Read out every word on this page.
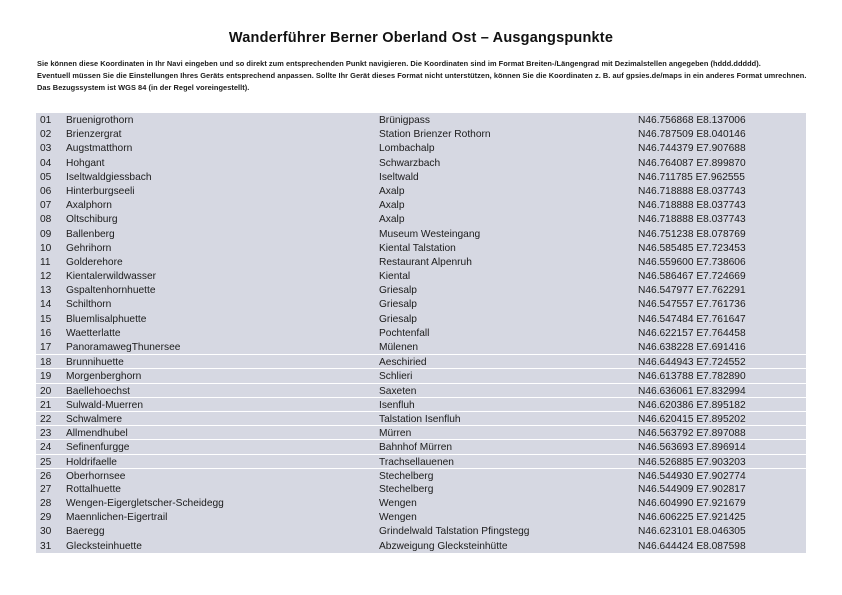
Wanderführer Berner Oberland Ost – Ausgangspunkte

Sie können diese Koordinaten in Ihr Navi eingeben und so direkt zum entsprechenden Punkt navigieren. Die Koordinaten sind im Format Breiten-/Längengrad mit Dezimalstellen angegeben (hddd.ddddd).

Eventuell müssen Sie die Einstellungen Ihres Geräts entsprechend anpassen. Sollte Ihr Gerät dieses Format nicht unterstützen, können Sie die Koordinaten z. B. auf gpsies.de/maps in ein anderes Format umrechnen. Das Bezugssystem ist WGS 84 (in der Regel voreingestellt).

01	Bruenigrothorn	Brünigpass	N46.756868 E8.137006
02	Brienzergrat	Station Brienzer Rothorn	N46.787509 E8.040146
03	Augstmatthorn	Lombachalp	N46.744379 E7.907688
04	Hohgant	Schwarzbach	N46.764087 E7.899870
05	Iseltwaldgiessbach	Iseltwald	N46.711785 E7.962555
06	Hinterburgseeli	Axalp	N46.718888 E8.037743
07	Axalphorn	Axalp	N46.718888 E8.037743
08	Oltschiburg	Axalp	N46.718888 E8.037743
09	Ballenberg	Museum Westeingang	N46.751238 E8.078769
10	Gehrihorn	Kiental Talstation	N46.585485 E7.723453
11	Golderehore	Restaurant Alpenruh	N46.559600 E7.738606
12	Kientalerwildwasser	Kiental	N46.586467 E7.724669
13	Gspaltenhornhuette	Griesalp	N46.547977 E7.762291
14	Schilthorn	Griesalp	N46.547557 E7.761736
15	Bluemlisalphuette	Griesalp	N46.547484 E7.761647
16	Waetterlatte	Pochtenfall	N46.622157 E7.764458
17	PanoramawegThunersee	Mülenen	N46.638228 E7.691416
18	Brunnihuette	Aeschiried	N46.644943 E7.724552
19	Morgenberghorn	Schlieri	N46.613788 E7.782890
20	Baellehoechst	Saxeten	N46.636061 E7.832994
21	Sulwald-Muerren	Isenfluh	N46.620386 E7.895182
22	Schwalmere	Talstation Isenfluh	N46.620415 E7.895202
23	Allmendhubel	Mürren	N46.563792 E7.897088
24	Sefinenfurgge	Bahnhof Mürren	N46.563693 E7.896914
25	Holdrifaelle	Trachsellauenen	N46.526885 E7.903203
26	Oberhornsee	Stechelberg	N46.544930 E7.902774
27	Rottalhuette	Stechelberg	N46.544909 E7.902817
28	Wengen-Eigergletscher-Scheidegg	Wengen	N46.604990 E7.921679
29	Maennlichen-Eigertrail	Wengen	N46.606225 E7.921425
30	Baeregg	Grindelwald Talstation Pfingstegg	N46.623101 E8.046305
31	Glecksteinhuette	Abzweigung Glecksteinhütte	N46.644424 E8.087598
